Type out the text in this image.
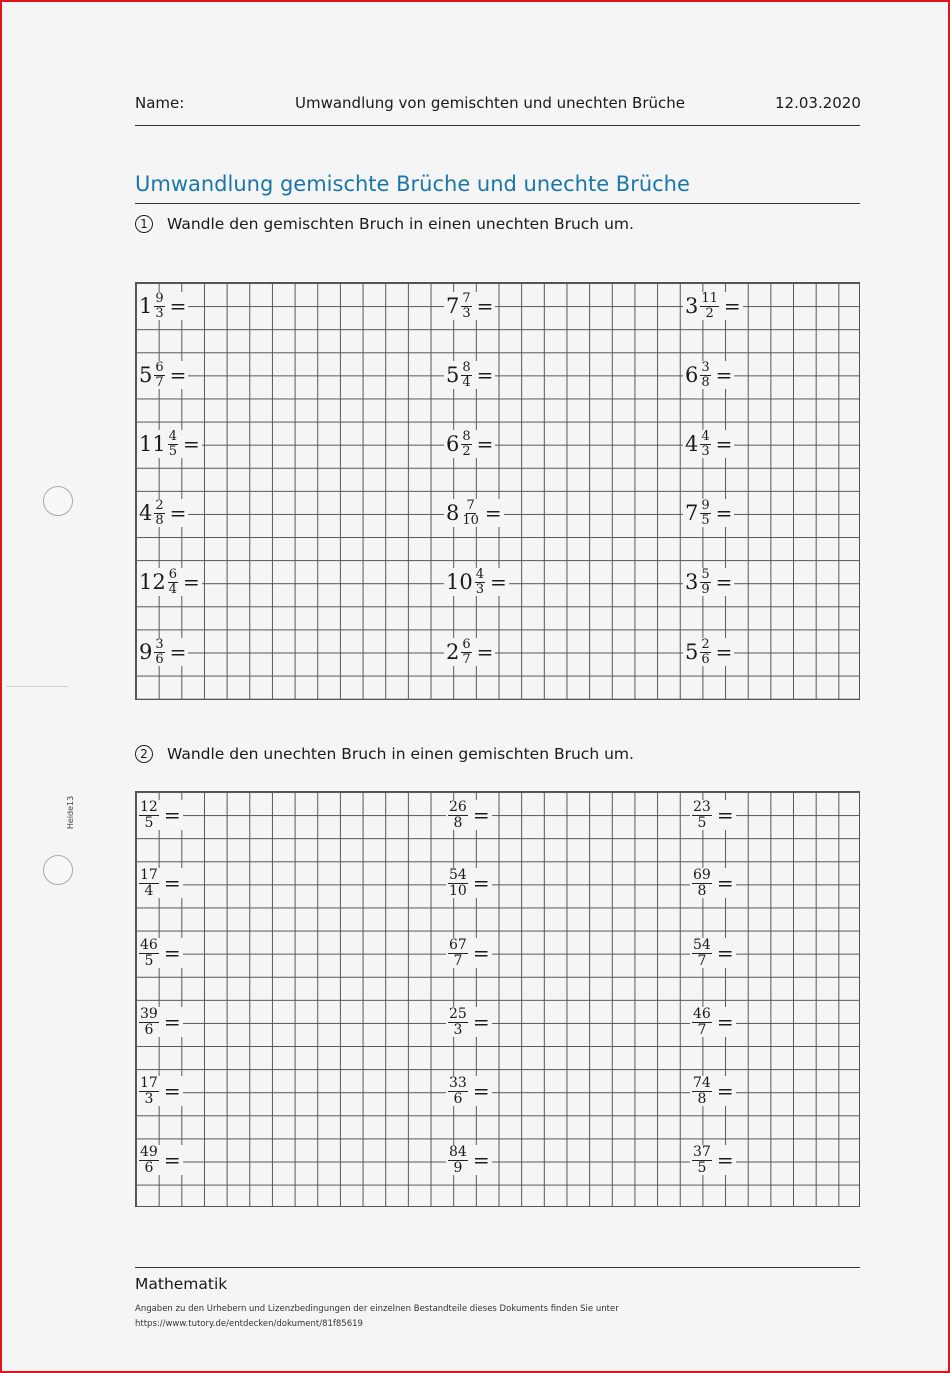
Name:	Umwandlung von gemischten und unechten Brüche	12.03.2020
Umwandlung gemischte Brüche und unechte Brüche
1	Wandle den gemischten Bruch in einen unechten Bruch um.
2	Wandle den unechten Bruch in einen gemischten Bruch um.
Heide13
Mathematik
Angaben zu den Urhebern und Lizenzbedingungen der einzelnen Bestandteile dieses Dokuments finden Sie unter
https://www.tutory.de/entdecken/dokument/81f85619
$1 \frac{9}{3}$ =	$7 \frac{7}{3}$ =	$3 \frac{11}{2}$ =
$5 \frac{6}{7}$ =	$5 \frac{8}{4}$ =	$6 \frac{3}{8}$ =
$11 \frac{4}{5}$ =	$6 \frac{8}{2}$ =	$4 \frac{4}{3}$ =
$4 \frac{2}{8}$ =	$8 \frac{7}{10}$ =	$7 \frac{9}{5}$ =
$12 \frac{6}{4}$ =	$10 \frac{4}{3}$ =	$3 \frac{5}{9}$ =
$9 \frac{3}{6}$ =	$2 \frac{6}{7}$ =	$5 \frac{2}{6}$ =
$\frac{12}{5}$ =	$\frac{26}{8}$ =	$\frac{23}{5}$ =
$\frac{17}{4}$ =	$\frac{54}{10}$ =	$\frac{69}{8}$ =
$\frac{46}{5}$ =	$\frac{67}{7}$ =	$\frac{54}{7}$ =
$\frac{39}{6}$ =	$\frac{25}{3}$ =	$\frac{46}{7}$ =
$\frac{17}{3}$ =	$\frac{33}{6}$ =	$\frac{74}{8}$ =
$\frac{49}{6}$ =	$\frac{84}{9}$ =	$\frac{37}{5}$ =
